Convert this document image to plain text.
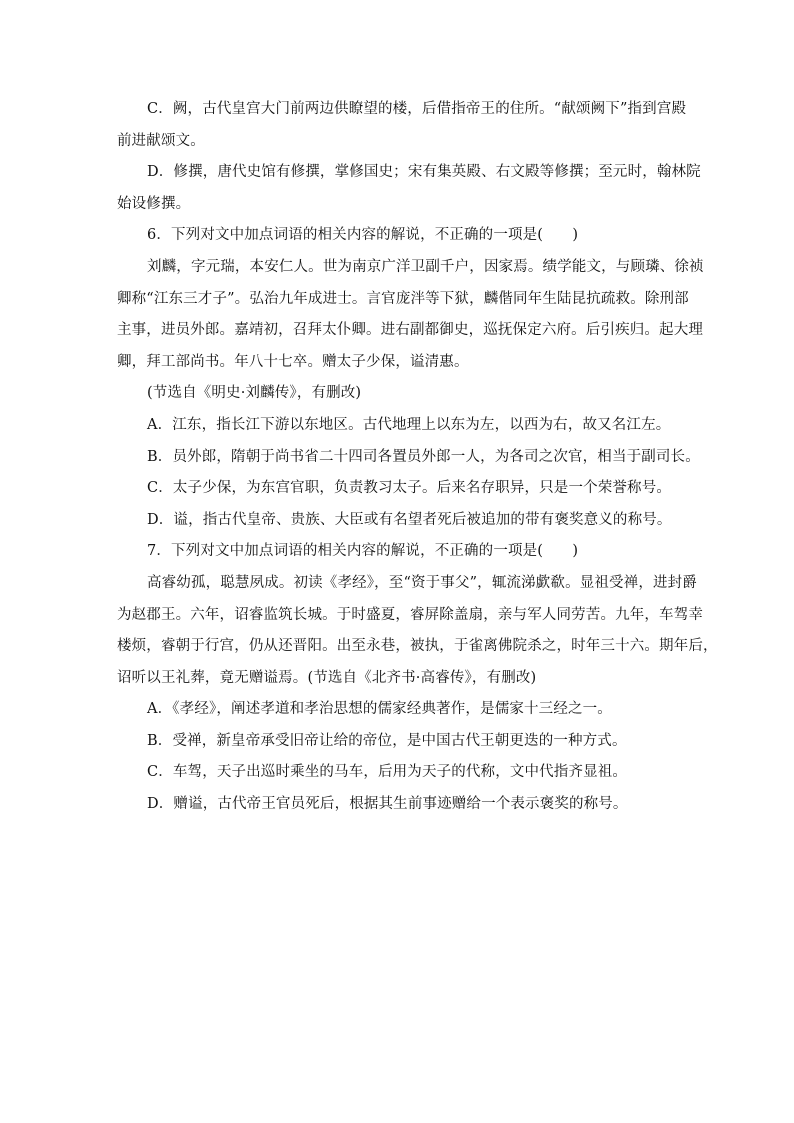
C．阙，古代皇宫大门前两边供瞭望的楼，后借指帝王的住所。“献颂阙下”指到宫殿
前进献颂文。
D．修撰，唐代史馆有修撰，掌修国史；宋有集英殿、右文殿等修撰；至元时，翰林院
始设修撰。
6．下列对文中加点词语的相关内容的解说，不正确的一项是(　　)
刘麟，字元瑞，本安仁人。世为南京广洋卫副千户，因家焉。绩学能文，与顾璘、徐祯
卿称“江东三才子”。弘治九年成进士。言官庞泮等下狱，麟偕同年生陆昆抗疏救。除刑部
主事，进员外郎。嘉靖初，召拜太仆卿。进右副都御史，巡抚保定六府。后引疾归。起大理
卿，拜工部尚书。年八十七卒。赠太子少保，谥清惠。
(节选自《明史·刘麟传》，有删改)
A．江东，指长江下游以东地区。古代地理上以东为左，以西为右，故又名江左。
B．员外郎，隋朝于尚书省二十四司各置员外郎一人，为各司之次官，相当于副司长。
C．太子少保，为东宫官职，负责教习太子。后来名存职异，只是一个荣誉称号。
D．谥，指古代皇帝、贵族、大臣或有名望者死后被追加的带有褒奖意义的称号。
7．下列对文中加点词语的相关内容的解说，不正确的一项是(　　)
高睿幼孤，聪慧夙成。初读《孝经》，至“资于事父”，辄流涕歔欷。显祖受禅，进封爵
为赵郡王。六年，诏睿监筑长城。于时盛夏，睿屏除盖扇，亲与军人同劳苦。九年，车驾幸
楼烦，睿朝于行宫，仍从还晋阳。出至永巷，被执，于雀离佛院杀之，时年三十六。期年后，
诏听以王礼葬，竟无赠谥焉。(节选自《北齐书·高睿传》，有删改)
A．《孝经》，阐述孝道和孝治思想的儒家经典著作，是儒家十三经之一。
B．受禅，新皇帝承受旧帝让给的帝位，是中国古代王朝更迭的一种方式。
C．车驾，天子出巡时乘坐的马车，后用为天子的代称，文中代指齐显祖。
D．赠谥，古代帝王官员死后，根据其生前事迹赠给一个表示褒奖的称号。
